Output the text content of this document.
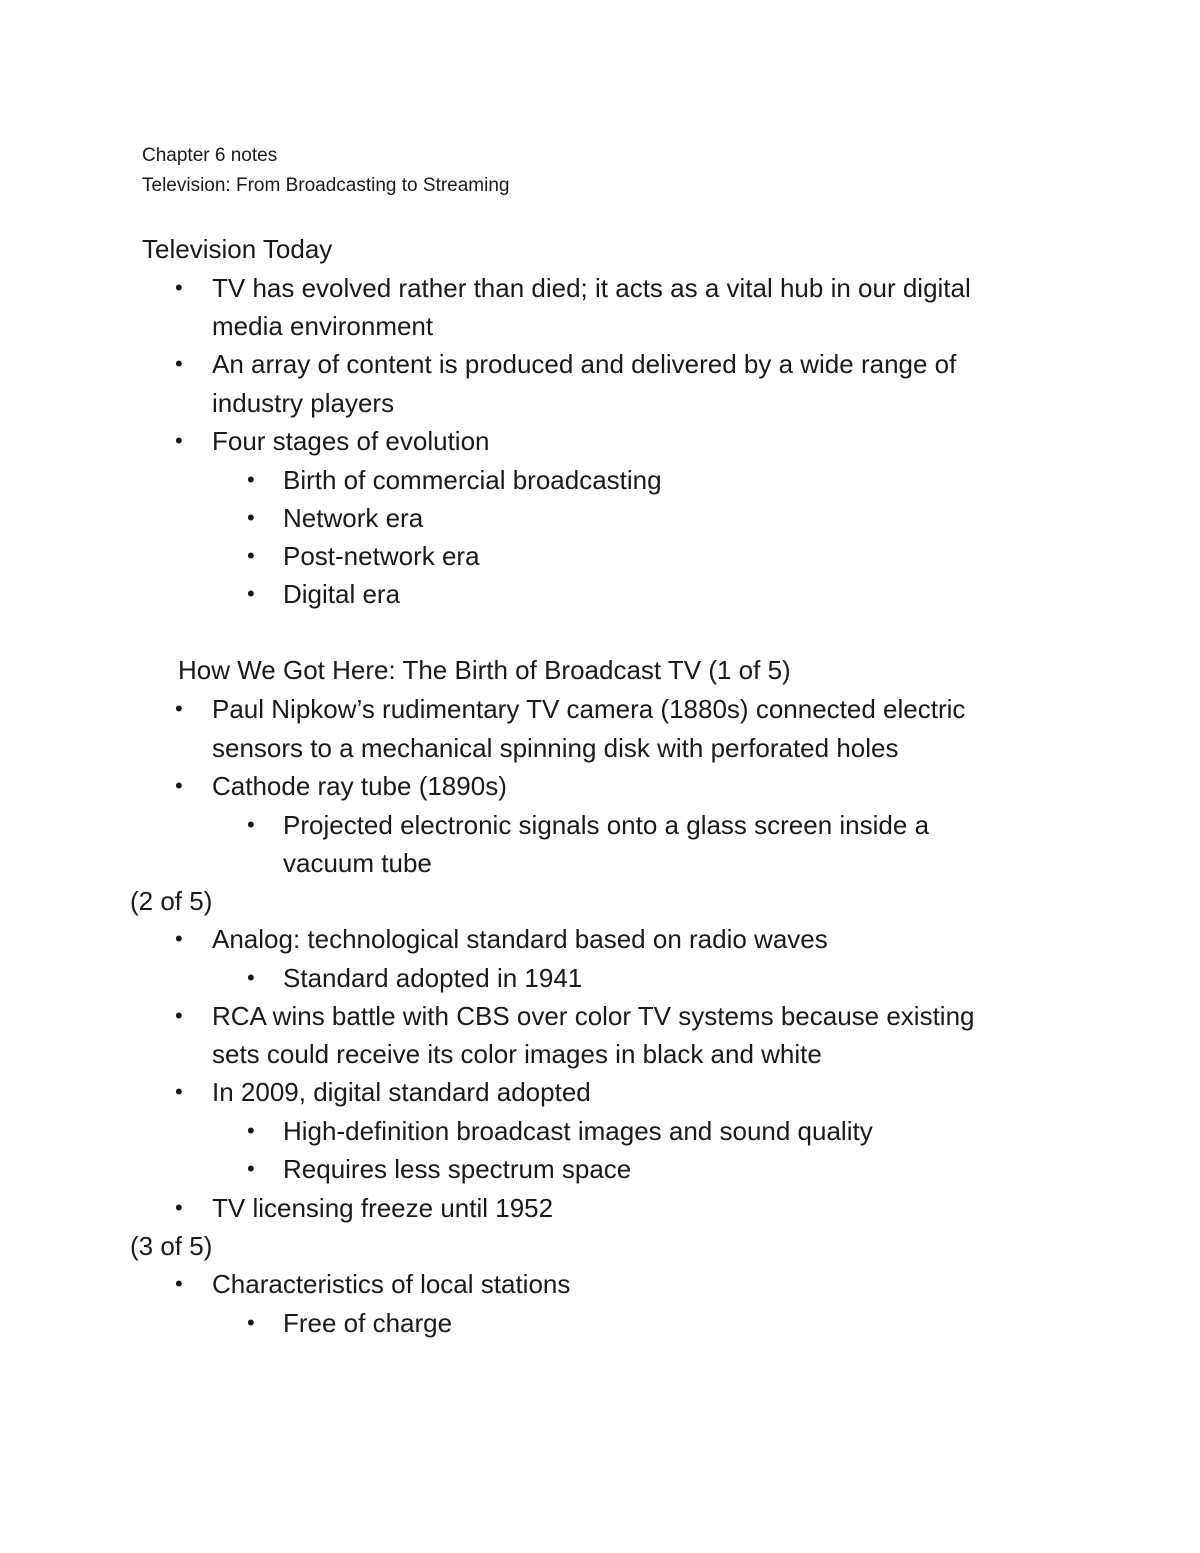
Chapter 6 notes
Television: From Broadcasting to Streaming
Television Today
• TV has evolved rather than died; it acts as a vital hub in our digital
media environment
• An array of content is produced and delivered by a wide range of
industry players
• Four stages of evolution
• Birth of commercial broadcasting
• Network era
• Post-network era
• Digital era
How We Got Here: The Birth of Broadcast TV (1 of 5)
• Paul Nipkow’s rudimentary TV camera (1880s) connected electric
sensors to a mechanical spinning disk with perforated holes
• Cathode ray tube (1890s)
• Projected electronic signals onto a glass screen inside a
vacuum tube
(2 of 5)
• Analog: technological standard based on radio waves
• Standard adopted in 1941
• RCA wins battle with CBS over color TV systems because existing
sets could receive its color images in black and white
• In 2009, digital standard adopted
• High-definition broadcast images and sound quality
• Requires less spectrum space
• TV licensing freeze until 1952
(3 of 5)
• Characteristics of local stations
• Free of charge
